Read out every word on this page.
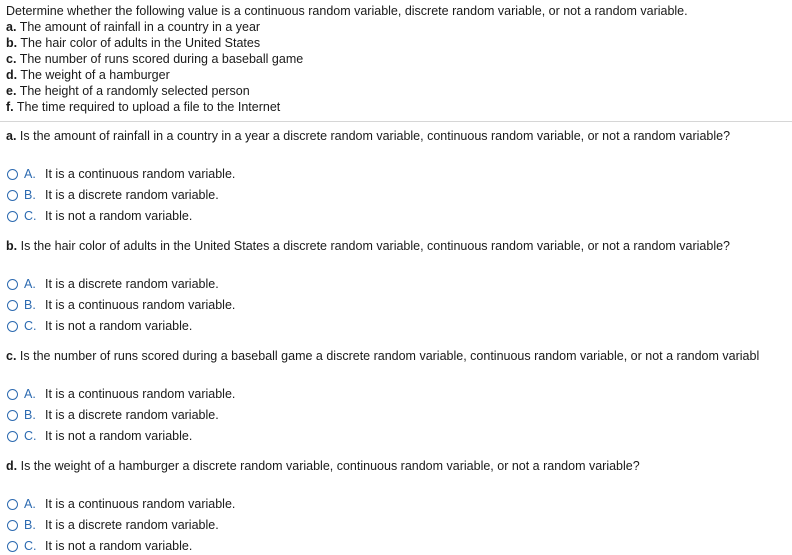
Determine whether the following value is a continuous random variable, discrete random variable, or not a random variable.
a. The amount of rainfall in a country in a year
b. The hair color of adults in the United States
c. The number of runs scored during a baseball game
d. The weight of a hamburger
e. The height of a randomly selected person
f. The time required to upload a file to the Internet
a. Is the amount of rainfall in a country in a year a discrete random variable, continuous random variable, or not a random variable?
A. It is a continuous random variable.
B. It is a discrete random variable.
C. It is not a random variable.
b. Is the hair color of adults in the United States a discrete random variable, continuous random variable, or not a random variable?
A. It is a discrete random variable.
B. It is a continuous random variable.
C. It is not a random variable.
c. Is the number of runs scored during a baseball game a discrete random variable, continuous random variable, or not a random variabl
A. It is a continuous random variable.
B. It is a discrete random variable.
C. It is not a random variable.
d. Is the weight of a hamburger a discrete random variable, continuous random variable, or not a random variable?
A. It is a continuous random variable.
B. It is a discrete random variable.
C. It is not a random variable.
